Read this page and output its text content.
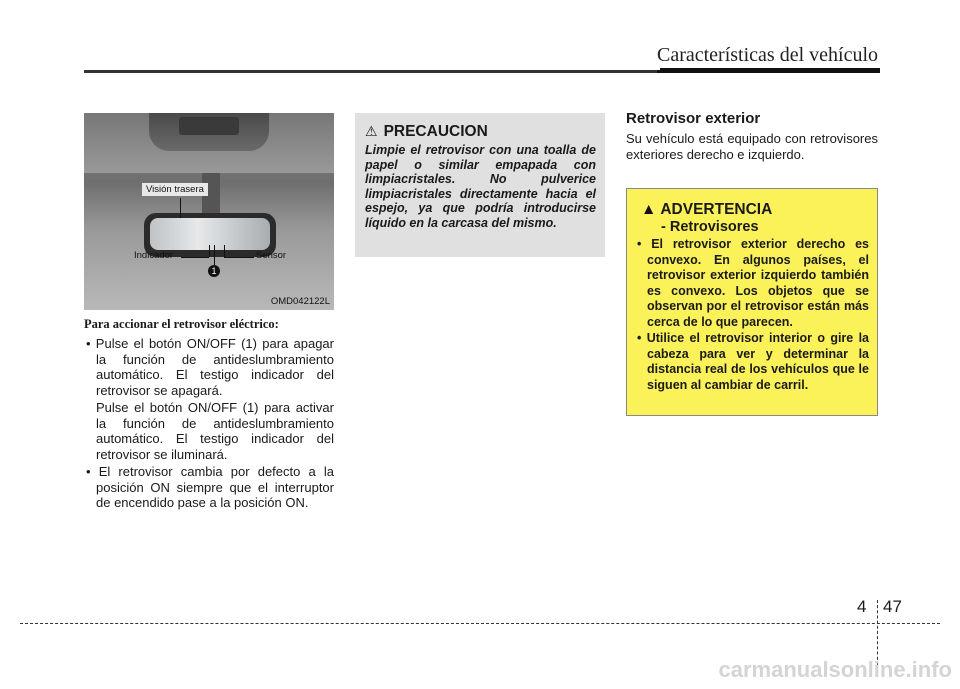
Características del vehículo
Visión trasera
Indicador	Sensor
1
OMD042122L

Para accionar el retrovisor eléctrico:

• Pulse el botón ON/OFF (1) para apagar la función de antideslumbramiento automático. El testigo indicador del retrovisor se apagará.

Pulse el botón ON/OFF (1) para activar la función de antideslumbramiento automático. El testigo indicador del retrovisor se iluminará.

• El retrovisor cambia por defecto a la posición ON siempre que el interruptor de encendido pase a la posición ON.

⚠ PRECAUCION
Limpie el retrovisor con una toalla de papel o similar empapada con limpiacristales. No pulverice limpiacristales directamente hacia el espejo, ya que podría introducirse líquido en la carcasa del mismo.
Retrovisor exterior
Su vehículo está equipado con retrovisores exteriores derecho e izquierdo.
▲ ADVERTENCIA
- Retrovisores
• El retrovisor exterior derecho es convexo. En algunos países, el retrovisor exterior izquierdo también es convexo. Los objetos que se observan por el retrovisor están más cerca de lo que parecen.
• Utilice el retrovisor interior o gire la cabeza para ver y determinar la distancia real de los vehículos que le siguen al cambiar de carril.
4 47
carmanualsonline.info
